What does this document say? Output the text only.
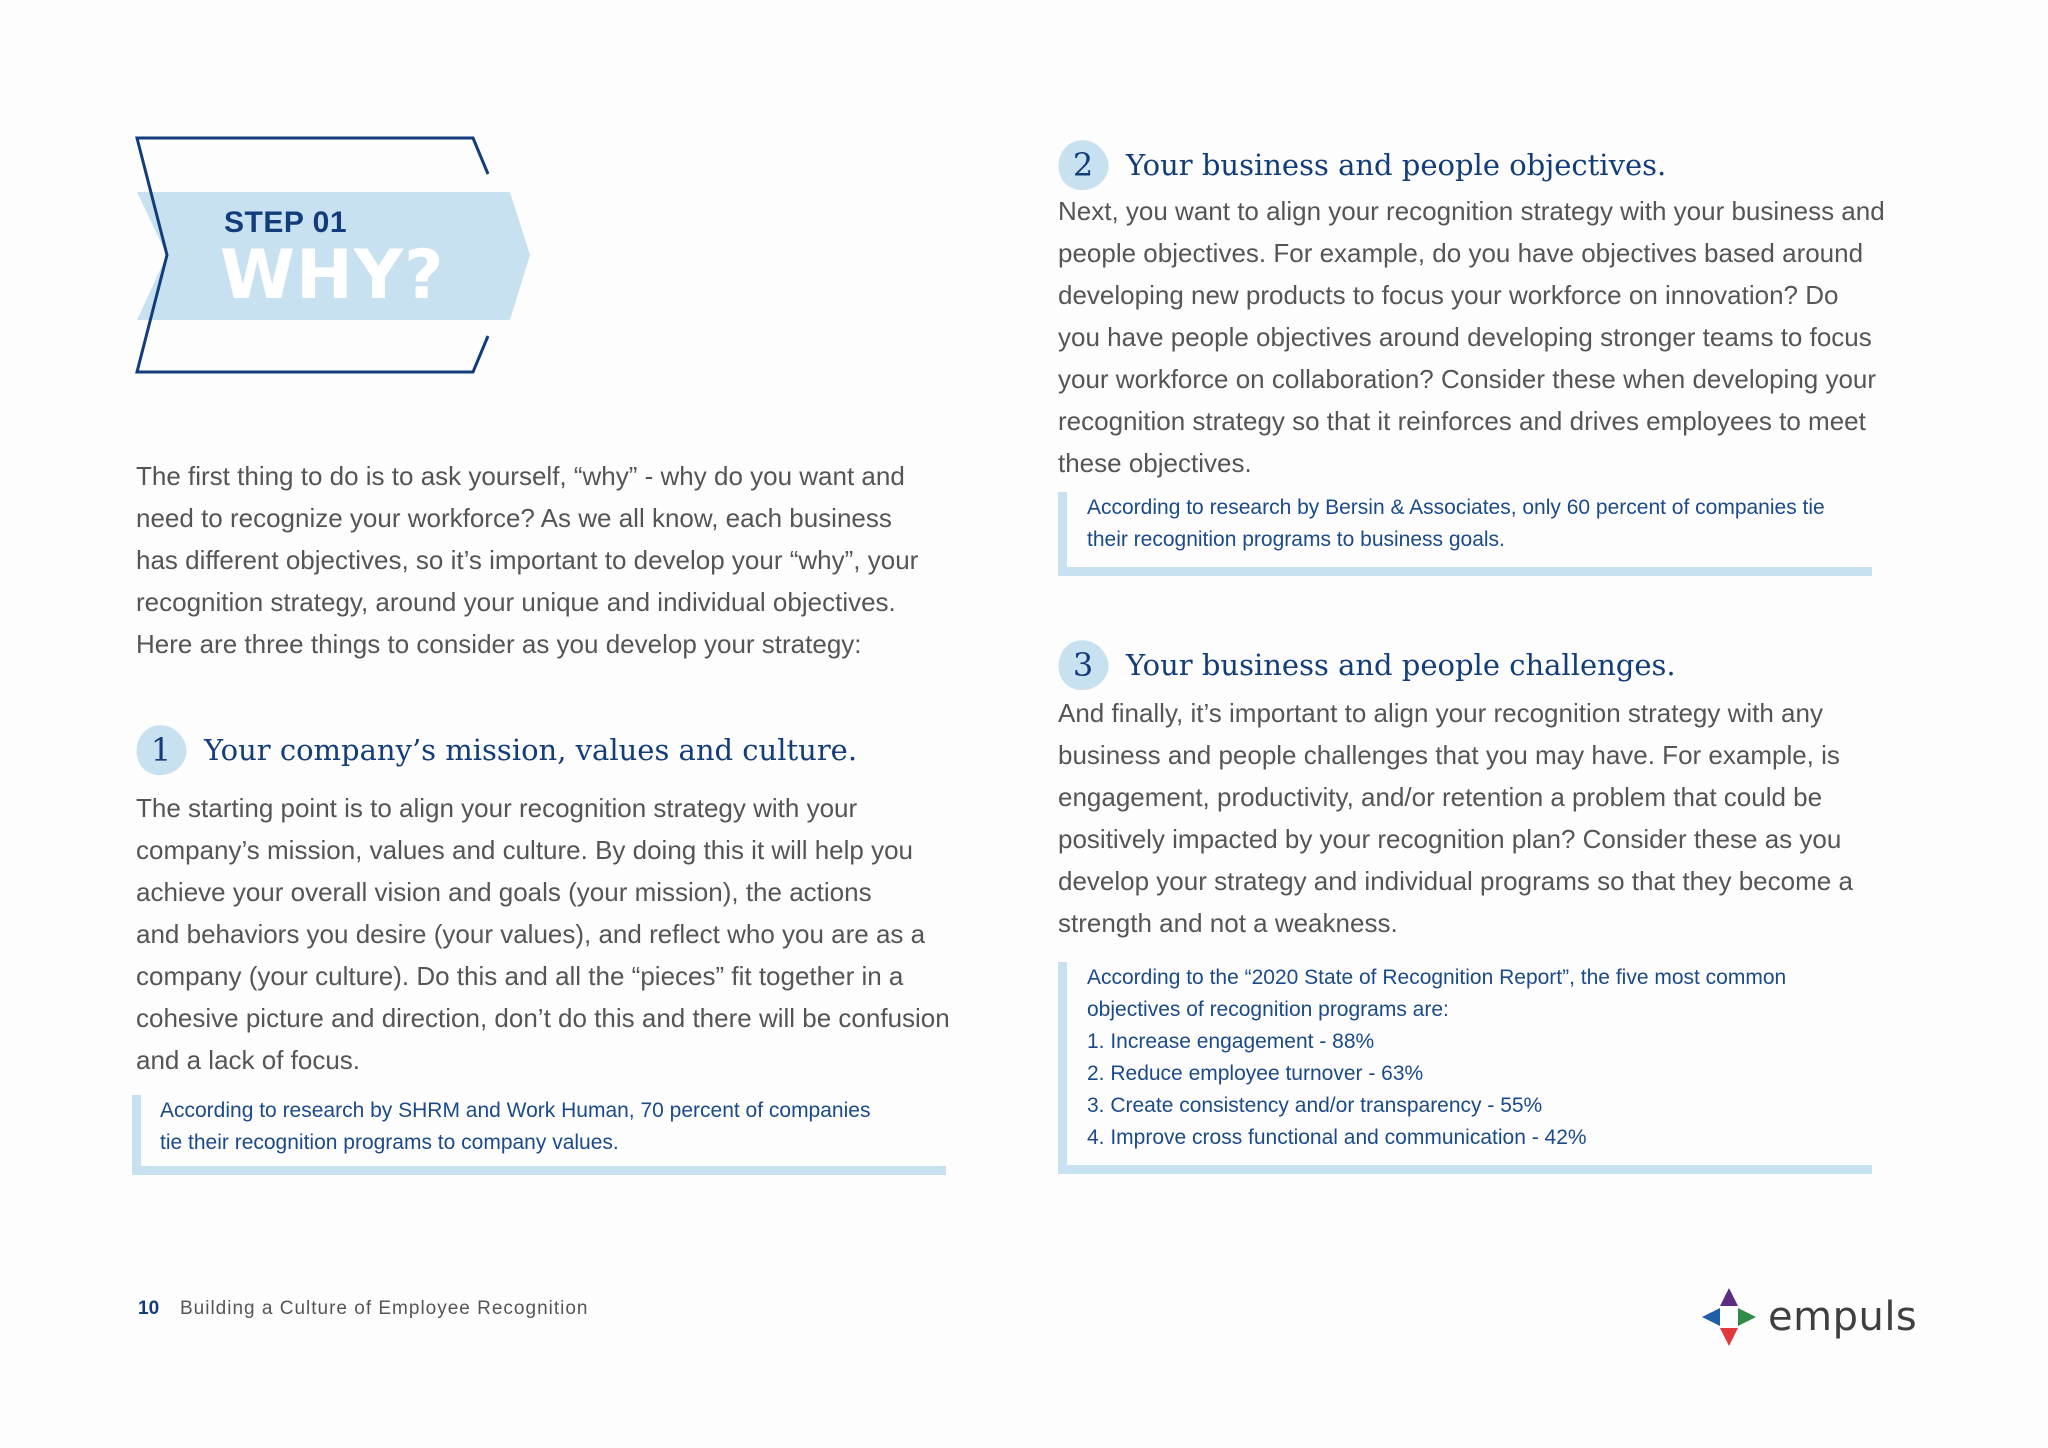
STEP 01
WHY?

The first thing to do is to ask yourself, “why” - why do you want and

need to recognize your workforce? As we all know, each business

has different objectives, so it’s important to develop your “why”, your

recognition strategy, around your unique and individual objectives.

Here are three things to consider as you develop your strategy:

1	Your company’s mission, values and culture.

The starting point is to align your recognition strategy with your

company’s mission, values and culture. By doing this it will help you

achieve your overall vision and goals (your mission), the actions

and behaviors you desire (your values), and reflect who you are as a

company (your culture). Do this and all the “pieces” fit together in a

cohesive picture and direction, don’t do this and there will be confusion

and a lack of focus.

According to research by SHRM and Work Human, 70 percent of companies
tie their recognition programs to company values.
2	Your business and people objectives.

Next, you want to align your recognition strategy with your business and

people objectives. For example, do you have objectives based around

developing new products to focus your workforce on innovation? Do

you have people objectives around developing stronger teams to focus

your workforce on collaboration? Consider these when developing your

recognition strategy so that it reinforces and drives employees to meet

these objectives.

According to research by Bersin & Associates, only 60 percent of companies tie
their recognition programs to business goals.
3	Your business and people challenges.

And finally, it’s important to align your recognition strategy with any

business and people challenges that you may have. For example, is

engagement, productivity, and/or retention a problem that could be

positively impacted by your recognition plan? Consider these as you

develop your strategy and individual programs so that they become a

strength and not a weakness.

According to the “2020 State of Recognition Report”, the five most common
objectives of recognition programs are:
1. Increase engagement - 88%
2. Reduce employee turnover - 63%
3. Create consistency and/or transparency - 55%
4. Improve cross functional and communication - 42%
10 Building a Culture of Employee Recognition	empuls
